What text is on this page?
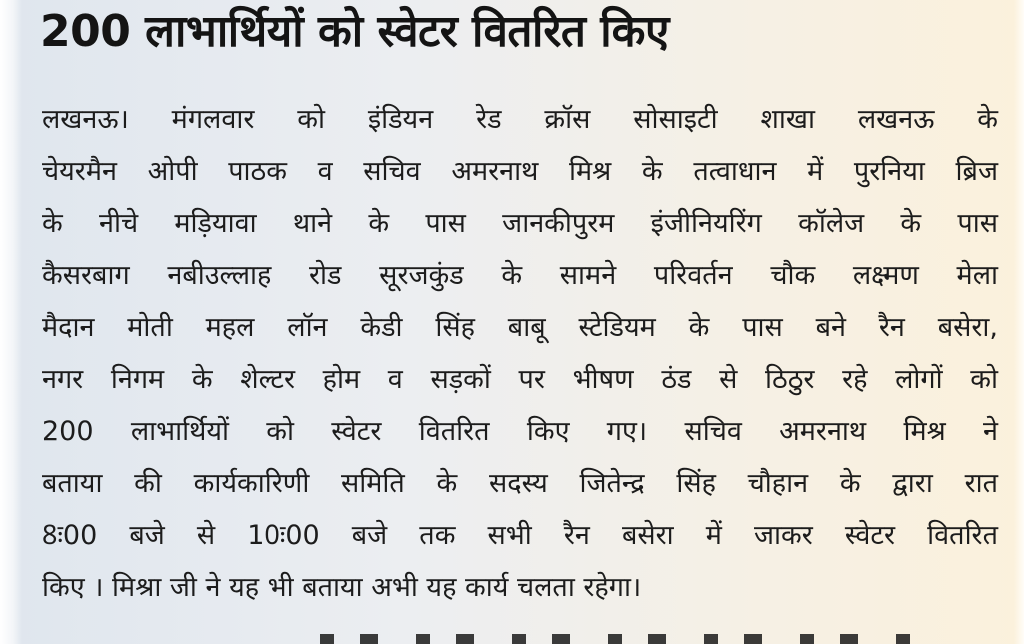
200 लाभार्थियों को स्वेटर वितरित किए
लखनऊ। मंगलवार को इंडियन रेड क्रॉस सोसाइटी शाखा लखनऊ के
चेयरमैन ओपी पाठक व सचिव अमरनाथ मिश्र के तत्वाधान में पुरनिया ब्रिज
के नीचे मड़ियावा थाने के पास जानकीपुरम इंजीनियरिंग कॉलेज के पास
कैसरबाग नबीउल्लाह रोड सूरजकुंड के सामने परिवर्तन चौक लक्ष्मण मेला
मैदान मोती महल लॉन केडी सिंह बाबू स्टेडियम के पास बने रैन बसेरा,
नगर निगम के शेल्टर होम व सड़कों पर भीषण ठंड से ठिठुर रहे लोगों को
200 लाभार्थियों को स्वेटर वितरित किए गए। सचिव अमरनाथ मिश्र ने
बताया की कार्यकारिणी समिति के सदस्य जितेन्द्र सिंह चौहान के द्वारा रात
8ः00 बजे से 10ः00 बजे तक सभी रैन बसेरा में जाकर स्वेटर वितरित
किए । मिश्रा जी ने यह भी बताया अभी यह कार्य चलता रहेगा।
